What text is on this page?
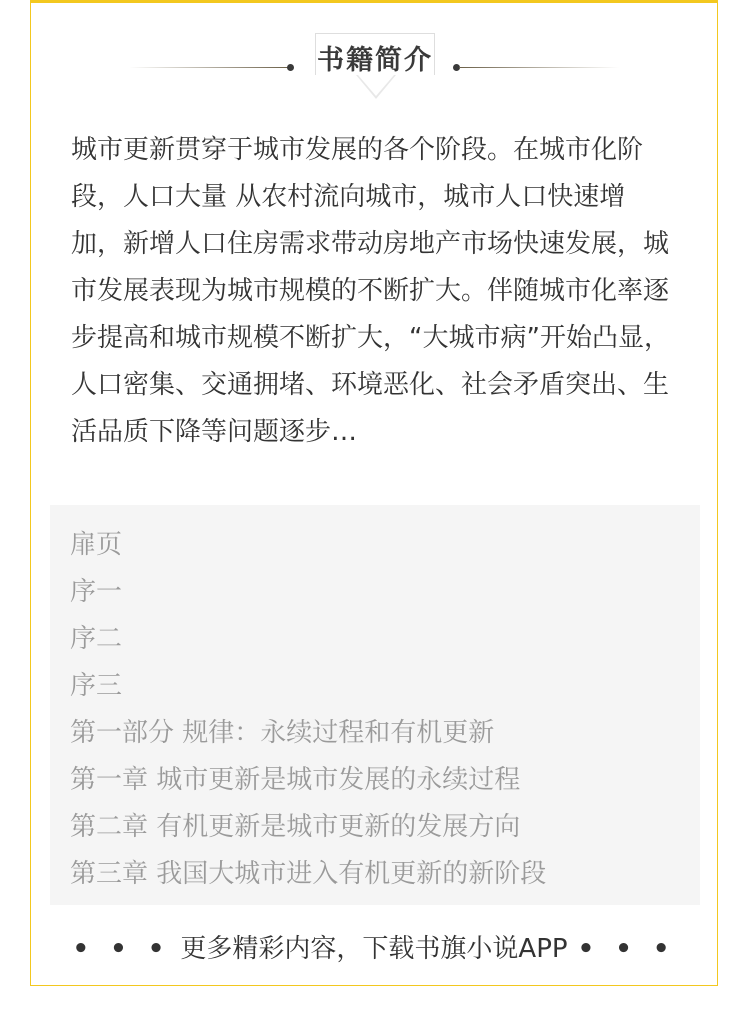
书籍简介

城市更新贯穿于城市发展的各个阶段。在城市化阶段，人口大量 从农村流向城市，城市人口快速增加，新增人口住房需求带动房地产市场快速发展，城市发展表现为城市规模的不断扩大。伴随城市化率逐步提高和城市规模不断扩大，“大城市病”开始凸显，人口密集、交通拥堵、环境恶化、社会矛盾突出、生活品质下降等问题逐步…

扉页
序一
序二
序三
第一部分 规律：永续过程和有机更新
第一章 城市更新是城市发展的永续过程
第二章 有机更新是城市更新的发展方向
第三章 我国大城市进入有机更新的新阶段
• • • 更多精彩内容，下载书旗小说APP • • •
